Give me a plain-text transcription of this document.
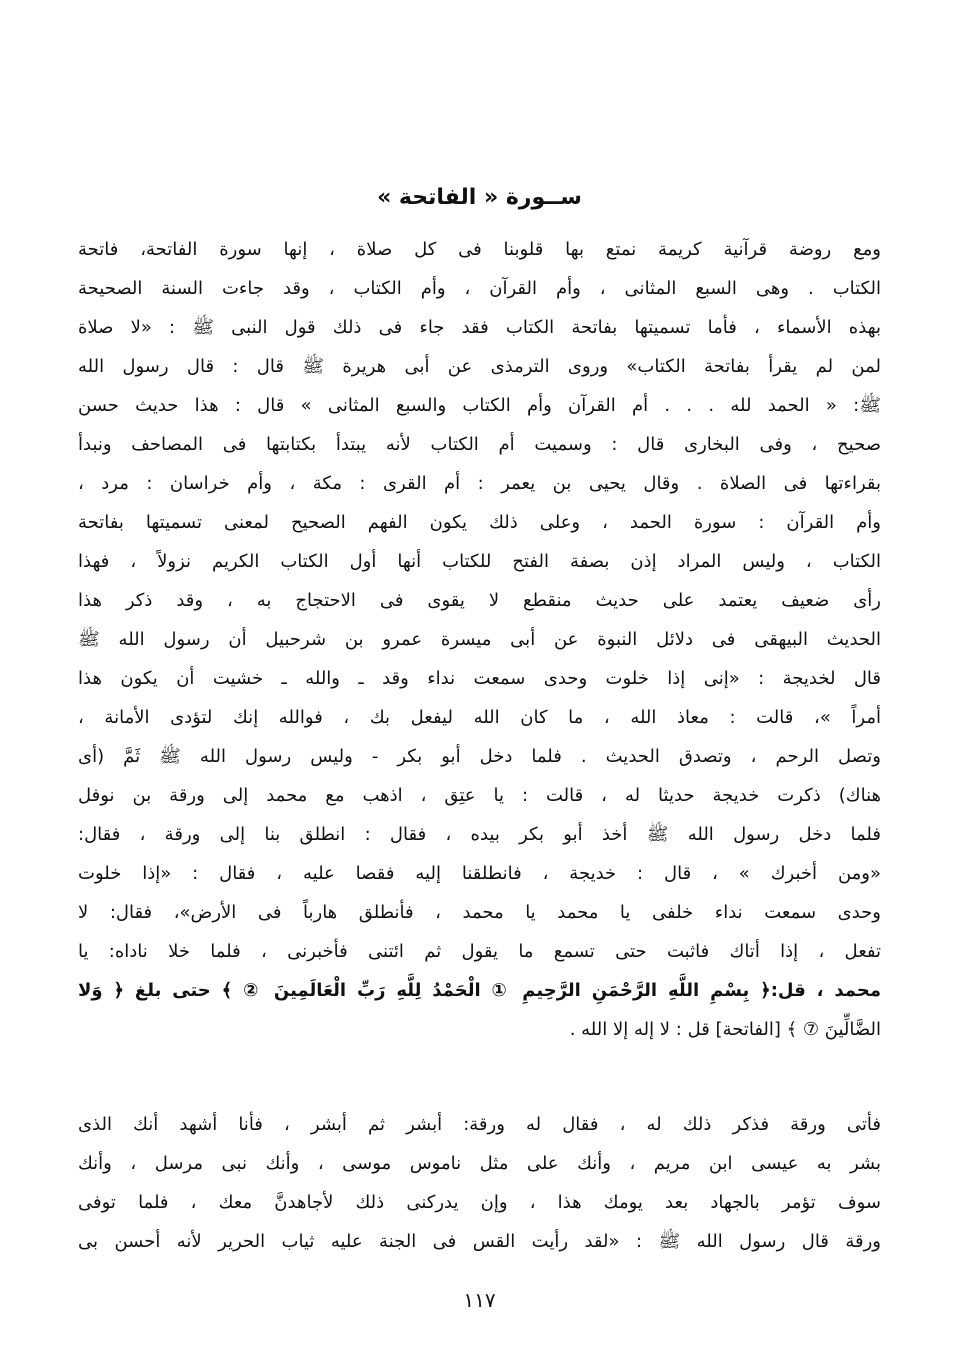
ســورة « الفاتحة »
ومع روضة قرآنية كريمة نمتع بها قلوبنا فى كل صلاة ، إنها سورة الفاتحة، فاتحة
الكتاب . وهى السبع المثانى ، وأم القرآن ، وأم الكتاب ، وقد جاءت السنة الصحيحة
بهذه الأسماء ، فأما تسميتها بفاتحة الكتاب فقد جاء فى ذلك قول النبى ﷺ : «لا صلاة
لمن لم يقرأ بفاتحة الكتاب» وروى الترمذى عن أبى هريرة ﷺ قال : قال رسول الله
ﷺ: « الحمد لله . . . أم القرآن وأم الكتاب والسبع المثانى » قال : هذا حديث حسن
صحيح ، وفى البخارى قال : وسميت أم الكتاب لأنه يبتدأ بكتابتها فى المصاحف ونبدأ
بقراءتها فى الصلاة . وقال يحيى بن يعمر : أم القرى : مكة ، وأم خراسان : مرد ،
وأم القرآن : سورة الحمد ، وعلى ذلك يكون الفهم الصحيح لمعنى تسميتها بفاتحة
الكتاب ، وليس المراد إذن بصفة الفتح للكتاب أنها أول الكتاب الكريم نزولاً ، فهذا
رأى ضعيف يعتمد على حديث منقطع لا يقوى فى الاحتجاج به ، وقد ذكر هذا
الحديث البيهقى فى دلائل النبوة عن أبى ميسرة عمرو بن شرحبيل أن رسول الله ﷺ
قال لخديجة : «إنى إذا خلوت وحدى سمعت نداء وقد ـ والله ـ خشيت أن يكون هذا
أمراً »، قالت : معاذ الله ، ما كان الله ليفعل بك ، فوالله إنك لتؤدى الأمانة ،
وتصل الرحم ، وتصدق الحديث . فلما دخل أبو بكر - وليس رسول الله ﷺ ثَمَّ (أى
هناك) ذكرت خديجة حديثا له ، قالت : يا عتِق ، اذهب مع محمد إلى ورقة بن نوفل
فلما دخل رسول الله ﷺ أخذ أبو بكر بيده ، فقال : انطلق بنا إلى ورقة ، فقال:
«ومن أخبرك » ، قال : خديجة ، فانطلقنا إليه فقصا عليه ، فقال : «إذا خلوت
وحدى سمعت نداء خلفى يا محمد يا محمد ، فأنطلق هارباً فى الأرض»، فقال: لا
تفعل ، إذا أتاك فاثبت حتى تسمع ما يقول ثم ائتنى فأخبرنى ، فلما خلا ناداه: يا
محمد ، قل:﴿ بِسْمِ اللَّهِ الرَّحْمَنِ الرَّحِيمِ ① الْحَمْدُ لِلَّهِ رَبِّ الْعَالَمِينَ ② ﴾ حتى بلغ ﴿ وَلا
الضَّالِّينَ ⑦ ﴾ [الفاتحة] قل : لا إله إلا الله .
فأتى ورقة فذكر ذلك له ، فقال له ورقة: أبشر ثم أبشر ، فأنا أشهد أنك الذى
بشر به عيسى ابن مريم ، وأنك على مثل ناموس موسى ، وأنك نبى مرسل ، وأنك
سوف تؤمر بالجهاد بعد يومك هذا ، وإن يدركنى ذلك لأجاهدنَّ معك ، فلما توفى
ورقة قال رسول الله ﷺ : «لقد رأيت القس فى الجنة عليه ثياب الحرير لأنه أحسن بى
١١٧
